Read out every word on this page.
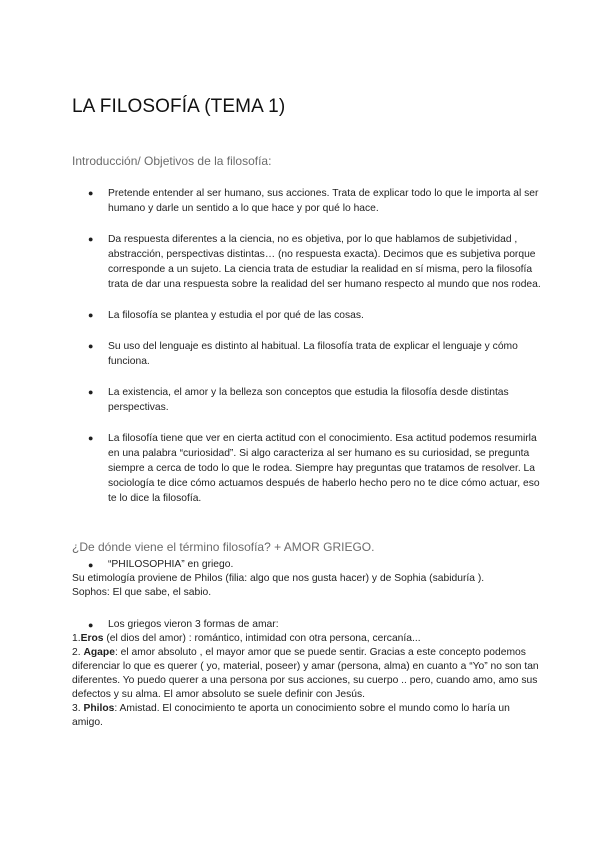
LA FILOSOFÍA (TEMA 1)

Introducción/ Objetivos de la filosofía:

● Pretende entender al ser humano, sus acciones. Trata de explicar todo lo que le importa al ser humano y darle un sentido a lo que hace y por qué lo hace.
● Da respuesta diferentes a la ciencia, no es objetiva, por lo que hablamos de subjetividad , abstracción, perspectivas distintas… (no respuesta exacta). Decimos que es subjetiva porque corresponde a un sujeto. La ciencia trata de estudiar la realidad en sí misma, pero la filosofía trata de dar una respuesta sobre la realidad del ser humano respecto al mundo que nos rodea.
● La filosofía se plantea y estudia el por qué de las cosas.
● Su uso del lenguaje es distinto al habitual. La filosofía trata de explicar el lenguaje y cómo funciona.
● La existencia, el amor y la belleza son conceptos que estudia la filosofía desde distintas perspectivas.
● La filosofía tiene que ver en cierta actitud con el conocimiento. Esa actitud podemos resumirla en una palabra “curiosidad”. Si algo caracteriza al ser humano es su curiosidad, se pregunta siempre a cerca de todo lo que le rodea. Siempre hay preguntas que tratamos de resolver. La sociología te dice cómo actuamos después de haberlo hecho pero no te dice cómo actuar, eso te lo dice la filosofía.

¿De dónde viene el término filosofía? + AMOR GRIEGO.

● “PHILOSOPHIA” en griego.

Su etimología proviene de Philos (filia: algo que nos gusta hacer) y de Sophia (sabiduría ).

Sophos: El que sabe, el sabio.

● Los griegos vieron 3 formas de amar:

1.Eros (el dios del amor) : romántico, intimidad con otra persona, cercanía...

2. Agape: el amor absoluto , el mayor amor que se puede sentir. Gracias a este concepto podemos diferenciar lo que es querer ( yo, material, poseer) y amar (persona, alma) en cuanto a “Yo” no son tan diferentes. Yo puedo querer a una persona por sus acciones, su cuerpo .. pero, cuando amo, amo sus defectos y su alma. El amor absoluto se suele definir con Jesús.

3. Philos: Amistad. El conocimiento te aporta un conocimiento sobre el mundo como lo haría un amigo.
